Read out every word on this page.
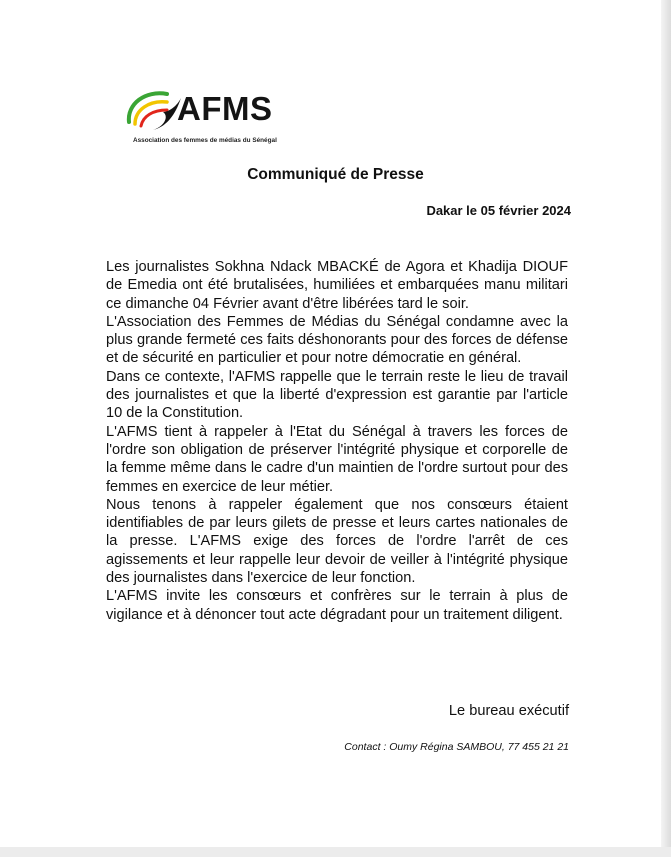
AFMS
Association des femmes de médias du Sénégal
Communiqué de Presse
Dakar le 05 février 2024

Les journalistes Sokhna Ndack MBACKÉ de Agora et Khadija DIOUF de Emedia ont été brutalisées, humiliées et embarquées manu militari ce dimanche 04 Février avant d'être libérées tard le soir.

L'Association des Femmes de Médias du Sénégal condamne avec la plus grande fermeté ces faits déshonorants pour des forces de défense et de sécurité en particulier et pour notre démocratie en général.

Dans ce contexte, l'AFMS rappelle que le terrain reste le lieu de travail des journalistes et que la liberté d'expression est garantie par l'article 10 de la Constitution.

L'AFMS tient à rappeler à l'Etat du Sénégal à travers les forces de l'ordre son obligation de préserver l'intégrité physique et corporelle de la femme même dans le cadre d'un maintien de l'ordre surtout pour des femmes en exercice de leur métier.

Nous tenons à rappeler également que nos consœurs étaient identifiables de par leurs gilets de presse et leurs cartes nationales de la presse. L'AFMS exige des forces de l'ordre l'arrêt de ces agissements et leur rappelle leur devoir de veiller à l'intégrité physique des journalistes dans l'exercice de leur fonction.

L'AFMS invite les consœurs et confrères sur le terrain à plus de vigilance et à dénoncer tout acte dégradant pour un traitement diligent.

Le bureau exécutif
Contact : Oumy Régina SAMBOU, 77 455 21 21
